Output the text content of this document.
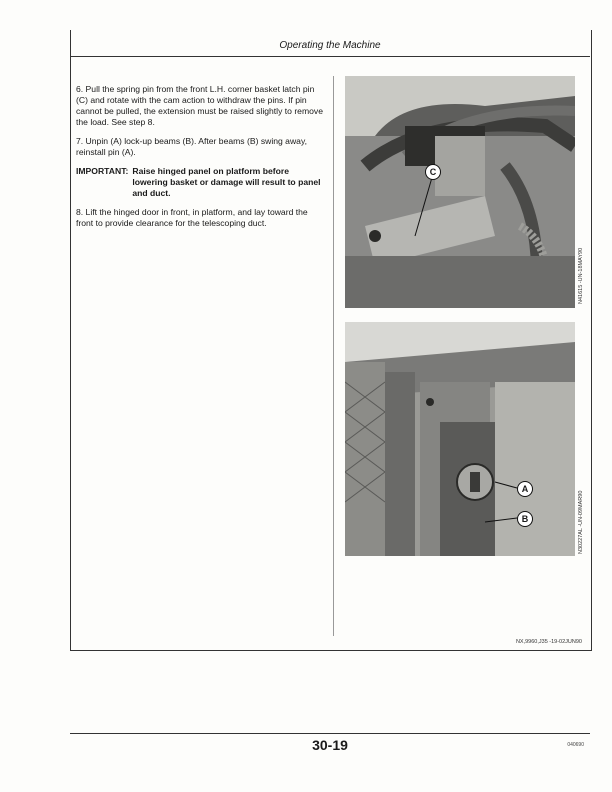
Operating the Machine

6. Pull the spring pin from the front L.H. corner basket latch pin (C) and rotate with the cam action to withdraw the pins. If pin cannot be pulled, the extension must be raised slightly to remove the load. See step 8.

7. Unpin (A) lock-up beams (B). After beams (B) swing away, reinstall pin (A).

IMPORTANT: Raise hinged panel on platform before lowering basket or damage will result to panel and duct.

8. Lift the hinged door in front, in platform, and lay toward the front to provide clearance for the telescoping duct.

C
N41615 -UN-18MAY90
A
B	N30227AL -UN-09MAR90
NX,9960,J35 -19-02JUN90
30-19	040690
